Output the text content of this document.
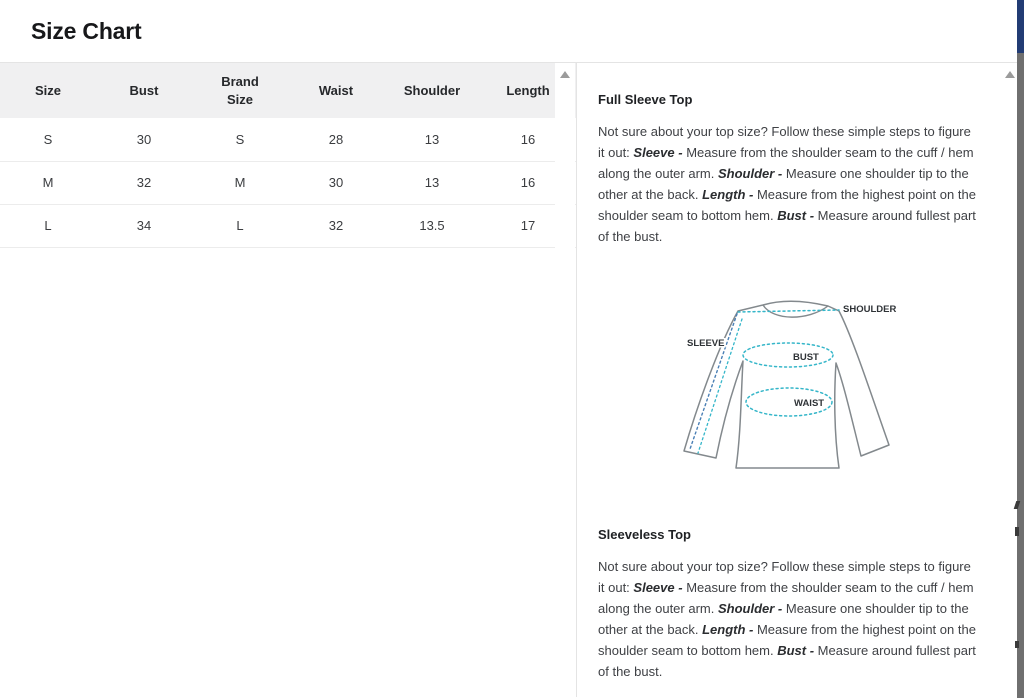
Size Chart
Size	Bust	Brand Size	Waist	Shoulder	Length
S	30	S	28	13	16
M	32	M	30	13	16
L	34	L	32	13.5	17
Full Sleeve Top

Not sure about your top size? Follow these simple steps to figure it out: Sleeve - Measure from the shoulder seam to the cuff / hem along the outer arm. Shoulder - Measure one shoulder tip to the other at the back. Length - Measure from the highest point on the shoulder seam to bottom hem. Bust - Measure around fullest part of the bust.

SLEEVE
SHOULDER
BUST
WAIST
Sleeveless Top

Not sure about your top size? Follow these simple steps to figure it out: Sleeve - Measure from the shoulder seam to the cuff / hem along the outer arm. Shoulder - Measure one shoulder tip to the other at the back. Length - Measure from the highest point on the shoulder seam to bottom hem. Bust - Measure around fullest part of the bust.
